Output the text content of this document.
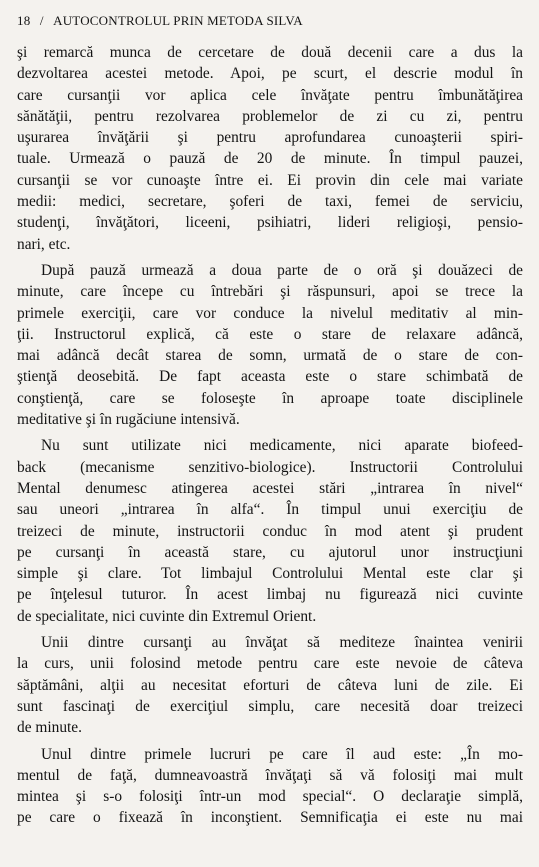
18 / AUTOCONTROLUL PRIN METODA SILVA

şi remarcă munca de cercetare de două decenii care a dus la
dezvoltarea acestei metode. Apoi, pe scurt, el descrie modul în
care cursanţii vor aplica cele învăţate pentru îmbunătăţirea
sănătăţii, pentru rezolvarea problemelor de zi cu zi, pentru
uşurarea învăţării şi pentru aprofundarea cunoaşterii spiri-
tuale. Urmează o pauză de 20 de minute. În timpul pauzei,
cursanţii se vor cunoaşte între ei. Ei provin din cele mai variate
medii: medici, secretare, şoferi de taxi, femei de serviciu,
studenţi, învăţători, liceeni, psihiatri, lideri religioşi, pensio-
nari, etc.

După pauză urmează a doua parte de o oră şi douăzeci de
minute, care începe cu întrebări şi răspunsuri, apoi se trece la
primele exerciţii, care vor conduce la nivelul meditativ al min-
ţii. Instructorul explică, că este o stare de relaxare adâncă,
mai adâncă decât starea de somn, urmată de o stare de con-
ştienţă deosebită. De fapt aceasta este o stare schimbată de
conştienţă, care se foloseşte în aproape toate disciplinele
meditative şi în rugăciune intensivă.

Nu sunt utilizate nici medicamente, nici aparate biofeed-
back (mecanisme senzitivo-biologice). Instructorii Controlului
Mental denumesc atingerea acestei stări „intrarea în nivel“
sau uneori „intrarea în alfa“. În timpul unui exerciţiu de
treizeci de minute, instructorii conduc în mod atent şi prudent
pe cursanţi în această stare, cu ajutorul unor instrucţiuni
simple şi clare. Tot limbajul Controlului Mental este clar şi
pe înţelesul tuturor. În acest limbaj nu figurează nici cuvinte
de specialitate, nici cuvinte din Extremul Orient.

Unii dintre cursanţi au învăţat să mediteze înaintea venirii
la curs, unii folosind metode pentru care este nevoie de câteva
săptămâni, alţii au necesitat eforturi de câteva luni de zile. Ei
sunt fascinaţi de exerciţiul simplu, care necesită doar treizeci
de minute.

Unul dintre primele lucruri pe care îl aud este: „În mo-
mentul de faţă, dumneavoastră învăţaţi să vă folosiţi mai mult
mintea şi s-o folosiţi într-un mod special“. O declaraţie simplă,
pe care o fixează în inconştient. Semnificaţia ei este nu mai
